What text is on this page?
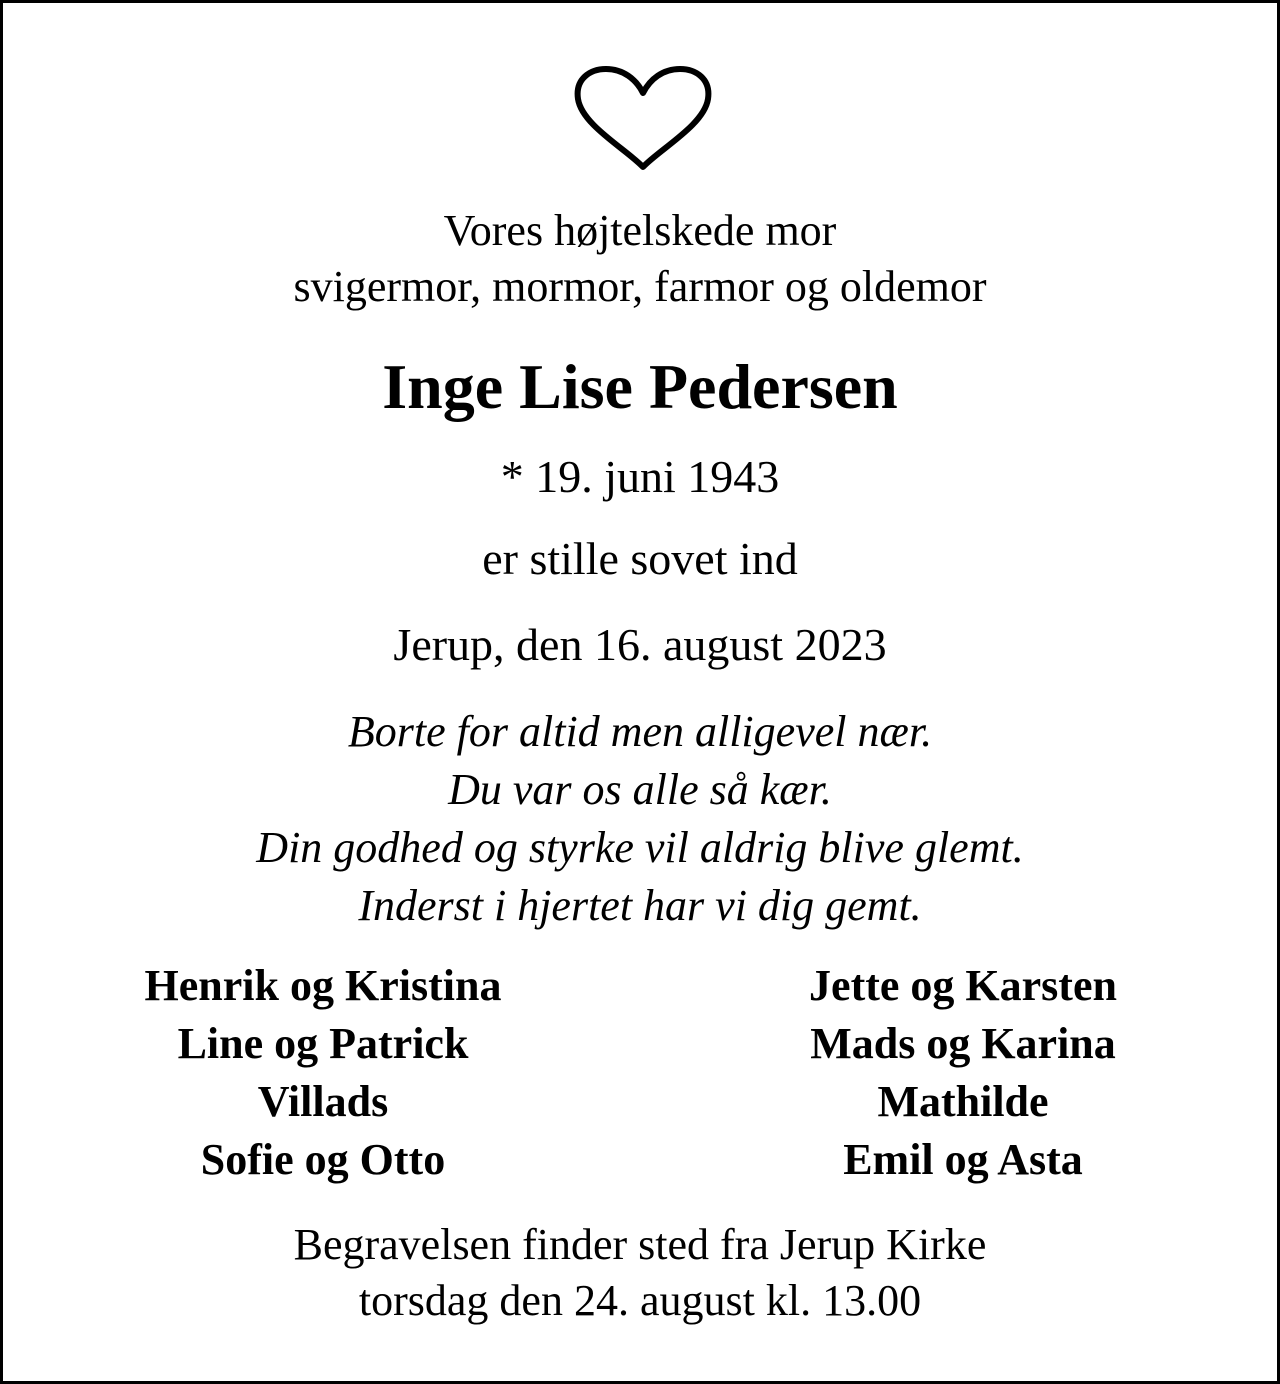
Vores højtelskede mor
svigermor, mormor, farmor og oldemor
Inge Lise Pedersen
* 19. juni 1943
er stille sovet ind
Jerup, den 16. august 2023
Borte for altid men alligevel nær.
Du var os alle så kær.
Din godhed og styrke vil aldrig blive glemt.
Inderst i hjertet har vi dig gemt.
Henrik og Kristina
Line og Patrick
Villads
Sofie og Otto
Jette og Karsten
Mads og Karina
Mathilde
Emil og Asta
Begravelsen finder sted fra Jerup Kirke
torsdag den 24. august kl. 13.00
